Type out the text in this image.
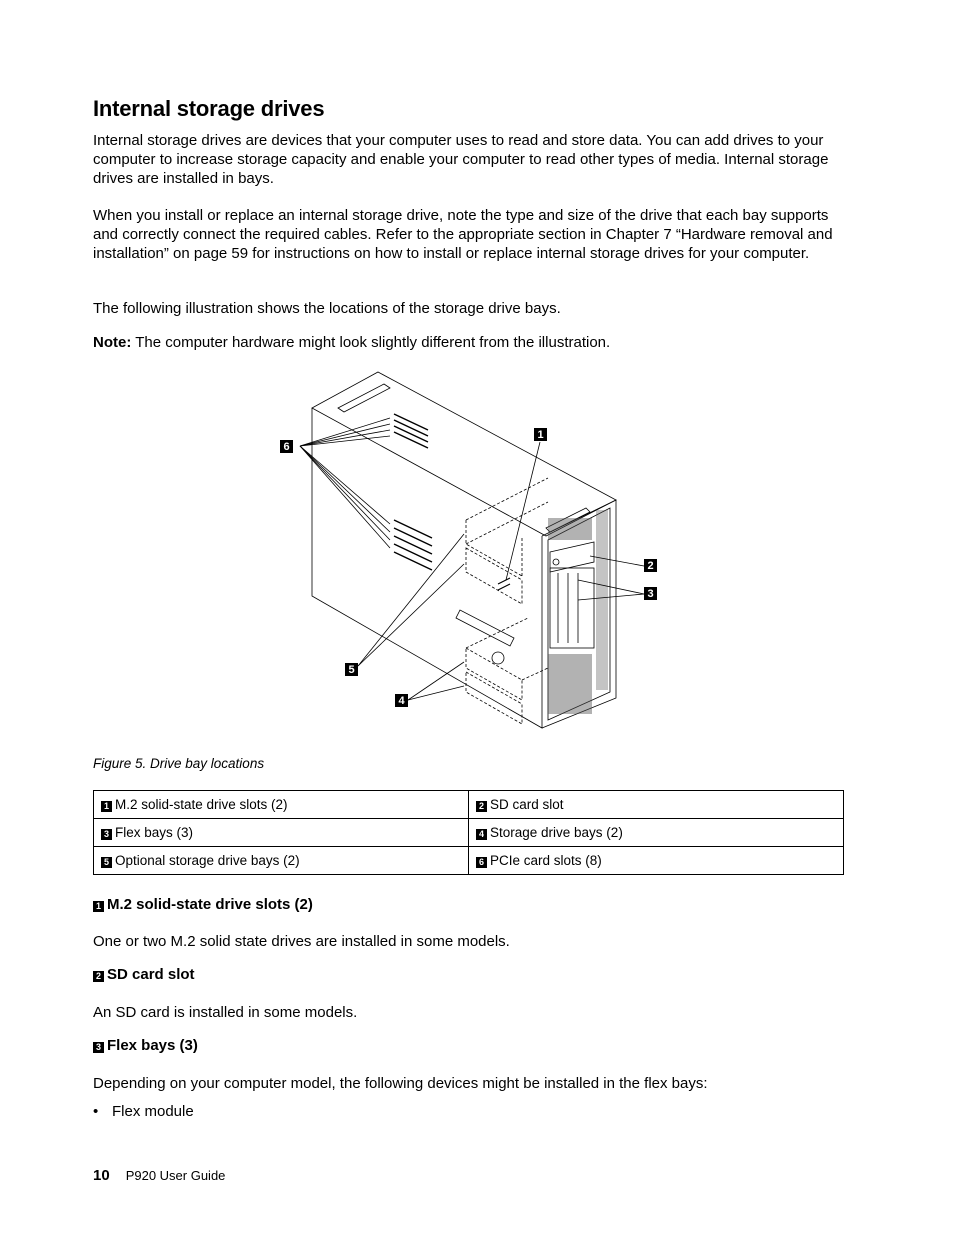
Internal storage drives

Internal storage drives are devices that your computer uses to read and store data. You can add drives to your computer to increase storage capacity and enable your computer to read other types of media. Internal storage drives are installed in bays.

When you install or replace an internal storage drive, note the type and size of the drive that each bay supports and correctly connect the required cables. Refer to the appropriate section in Chapter 7 “Hardware removal and installation” on page 59 for instructions on how to install or replace internal storage drives for your computer.

The following illustration shows the locations of the storage drive bays.

Note: The computer hardware might look slightly different from the illustration.

6
1
2
3
5
4
Figure 5. Drive bay locations
1 M.2 solid-state drive slots (2)	2 SD card slot
3 Flex bays (3)	4 Storage drive bays (2)
5 Optional storage drive bays (2)	6 PCIe card slots (8)

1 M.2 solid-state drive slots (2)

One or two M.2 solid state drives are installed in some models.

2 SD card slot

An SD card is installed in some models.

3 Flex bays (3)

Depending on your computer model, the following devices might be installed in the flex bays:

• Flex module
10 P920 User Guide
